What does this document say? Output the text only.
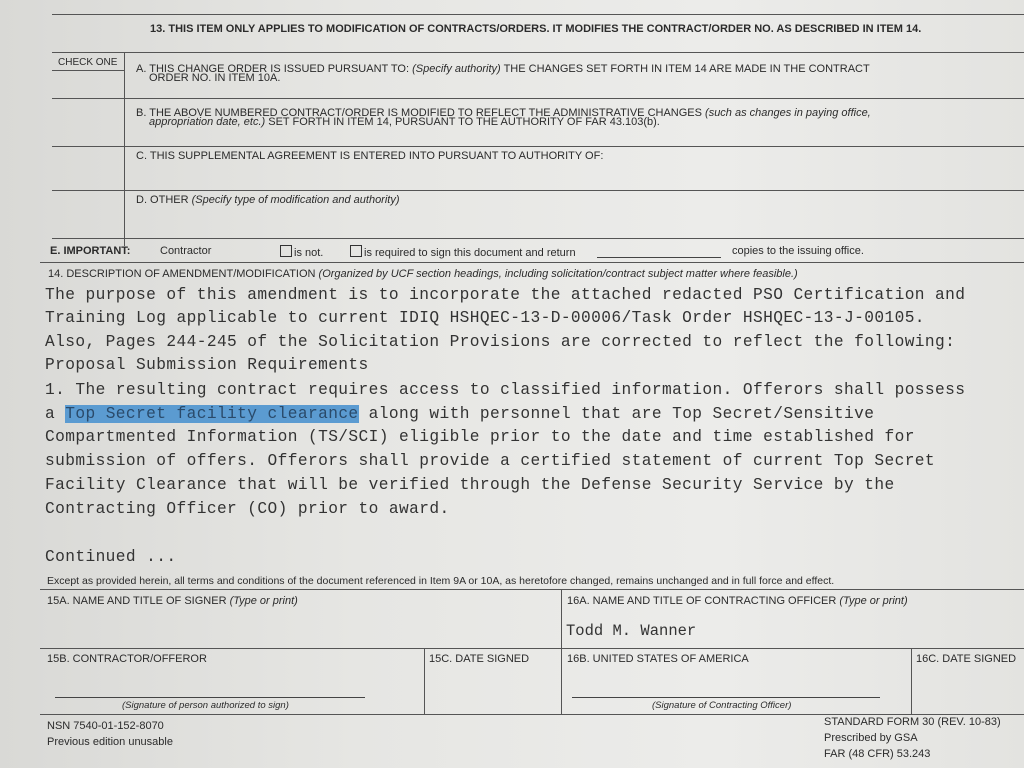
13. THIS ITEM ONLY APPLIES TO MODIFICATION OF CONTRACTS/ORDERS. IT MODIFIES THE CONTRACT/ORDER NO. AS DESCRIBED IN ITEM 14.
CHECK ONE
A. THIS CHANGE ORDER IS ISSUED PURSUANT TO: (Specify authority) THE CHANGES SET FORTH IN ITEM 14 ARE MADE IN THE CONTRACT
ORDER NO. IN ITEM 10A.
B. THE ABOVE NUMBERED CONTRACT/ORDER IS MODIFIED TO REFLECT THE ADMINISTRATIVE CHANGES (such as changes in paying office,
appropriation date, etc.) SET FORTH IN ITEM 14, PURSUANT TO THE AUTHORITY OF FAR 43.103(b).
C. THIS SUPPLEMENTAL AGREEMENT IS ENTERED INTO PURSUANT TO AUTHORITY OF:
D. OTHER (Specify type of modification and authority)
E. IMPORTANT:	Contractor	is not.	is required to sign this document and return	copies to the issuing office.
14. DESCRIPTION OF AMENDMENT/MODIFICATION (Organized by UCF section headings, including solicitation/contract subject matter where feasible.)
The purpose of this amendment is to incorporate the attached redacted PSO Certification and
Training Log applicable to current IDIQ HSHQEC-13-D-00006/Task Order HSHQEC-13-J-00105.
Also, Pages 244-245 of the Solicitation Provisions are corrected to reflect the following:
Proposal Submission Requirements
1. The resulting contract requires access to classified information. Offerors shall possess
a Top Secret facility clearance along with personnel that are Top Secret/Sensitive
Compartmented Information (TS/SCI) eligible prior to the date and time established for
submission of offers. Offerors shall provide a certified statement of current Top Secret
Facility Clearance that will be verified through the Defense Security Service by the
Contracting Officer (CO) prior to award.
Continued ...
Except as provided herein, all terms and conditions of the document referenced in Item 9A or 10A, as heretofore changed, remains unchanged and in full force and effect.
15A. NAME AND TITLE OF SIGNER (Type or print)	16A. NAME AND TITLE OF CONTRACTING OFFICER (Type or print)
Todd M. Wanner
15B. CONTRACTOR/OFFEROR	15C. DATE SIGNED	16B. UNITED STATES OF AMERICA	16C. DATE SIGNED
(Signature of person authorized to sign)	(Signature of Contracting Officer)
NSN 7540-01-152-8070
Previous edition unusable
STANDARD FORM 30 (REV. 10-83)
Prescribed by GSA
FAR (48 CFR) 53.243
